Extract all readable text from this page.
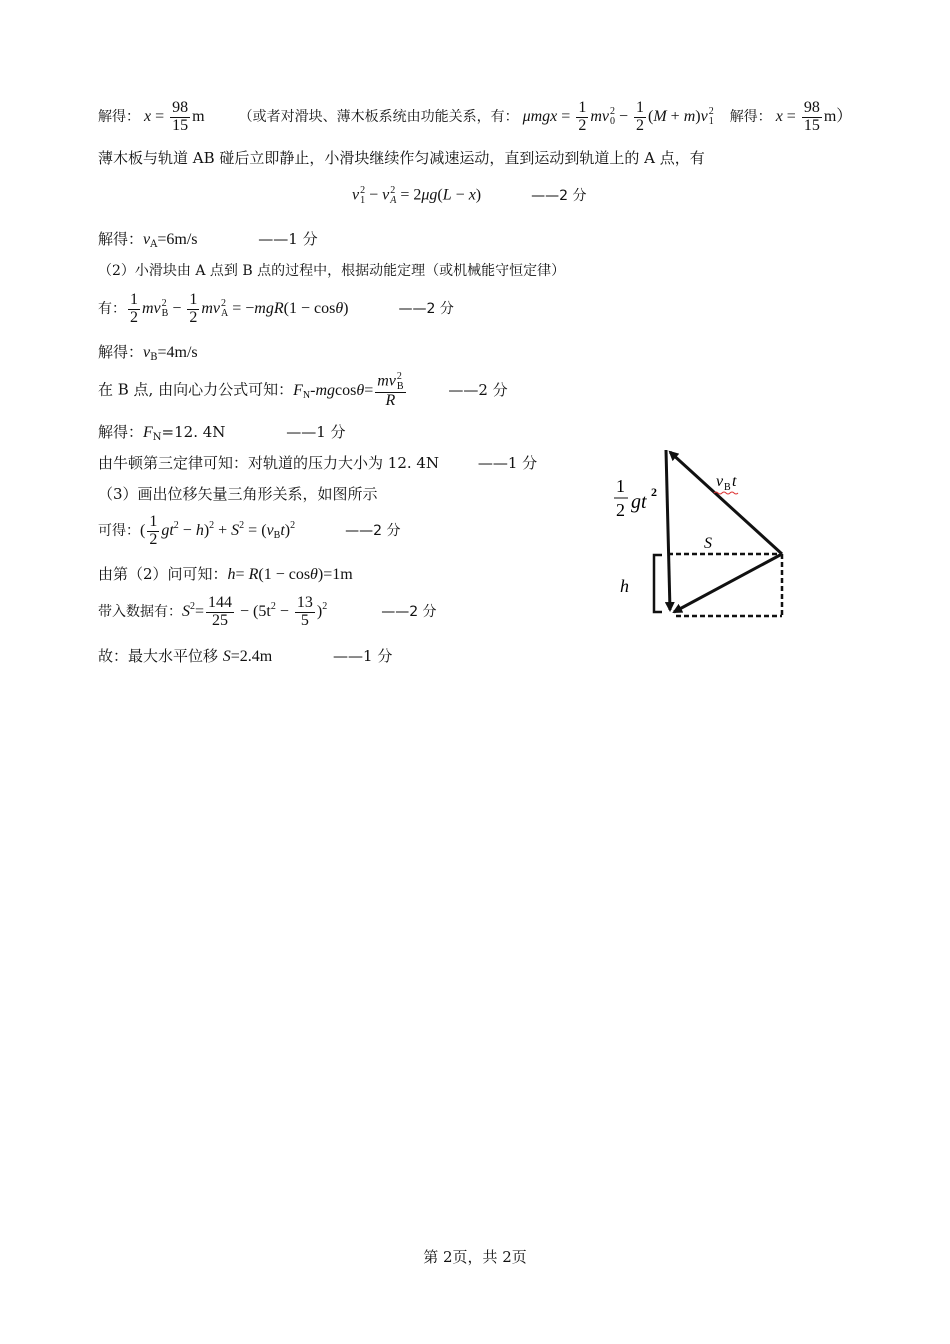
解得： $x = \frac{98}{15}$ m （或者对滑块、薄木板系统由功能关系，有： $\mu mgx = \frac{1}{2}$ mv 2
$0 - \frac{1}{2} (M + m)v$ 2
1 解得： $x = \frac{98}{15} m$）
薄木板与轨道 AB 碰后立即静止，小滑块继续作匀减速运动，直到运动到轨道上的 A 点，有
v 2
1 − v 2
A = 2μg(L − x)	——2 分
解得：$v_A=6m/s$	——1 分
（2）小滑块由 A 点到 B 点的过程中，根据动能定理（或机械能守恒定律）
有： $\frac{1}{2}$ mv 2
$B - \frac{1}{2}$ mv 2
A = −mgR(1 − cosθ)	——2 分
解得：$v_B=4m/s$
在 B 点, 由向心力公式可知：$F_N-mgcos\theta=$ mv 2
B
R	——2 分
解得：$F_N=12$. 4N	——1 分
由牛顿第三定律可知：对轨道的压力大小为 12. 4N	——1 分
（3）画出位移矢量三角形关系，如图所示
可得：( $\frac{1}{2} gt^2 - h)^2 + S^2 = (v_Bt)^2$	——2 分
由第（2）问可知：h= R(1 − cosθ)=1m
带入数据有：$S^2= \frac{144}{25} - (5t^2 - \frac{13}{5} )^2$	——2 分
故：最大水平位移 S=2.4m	——1 分
1
2 gt 2
v B t
S
h
第 2页，共 2页
